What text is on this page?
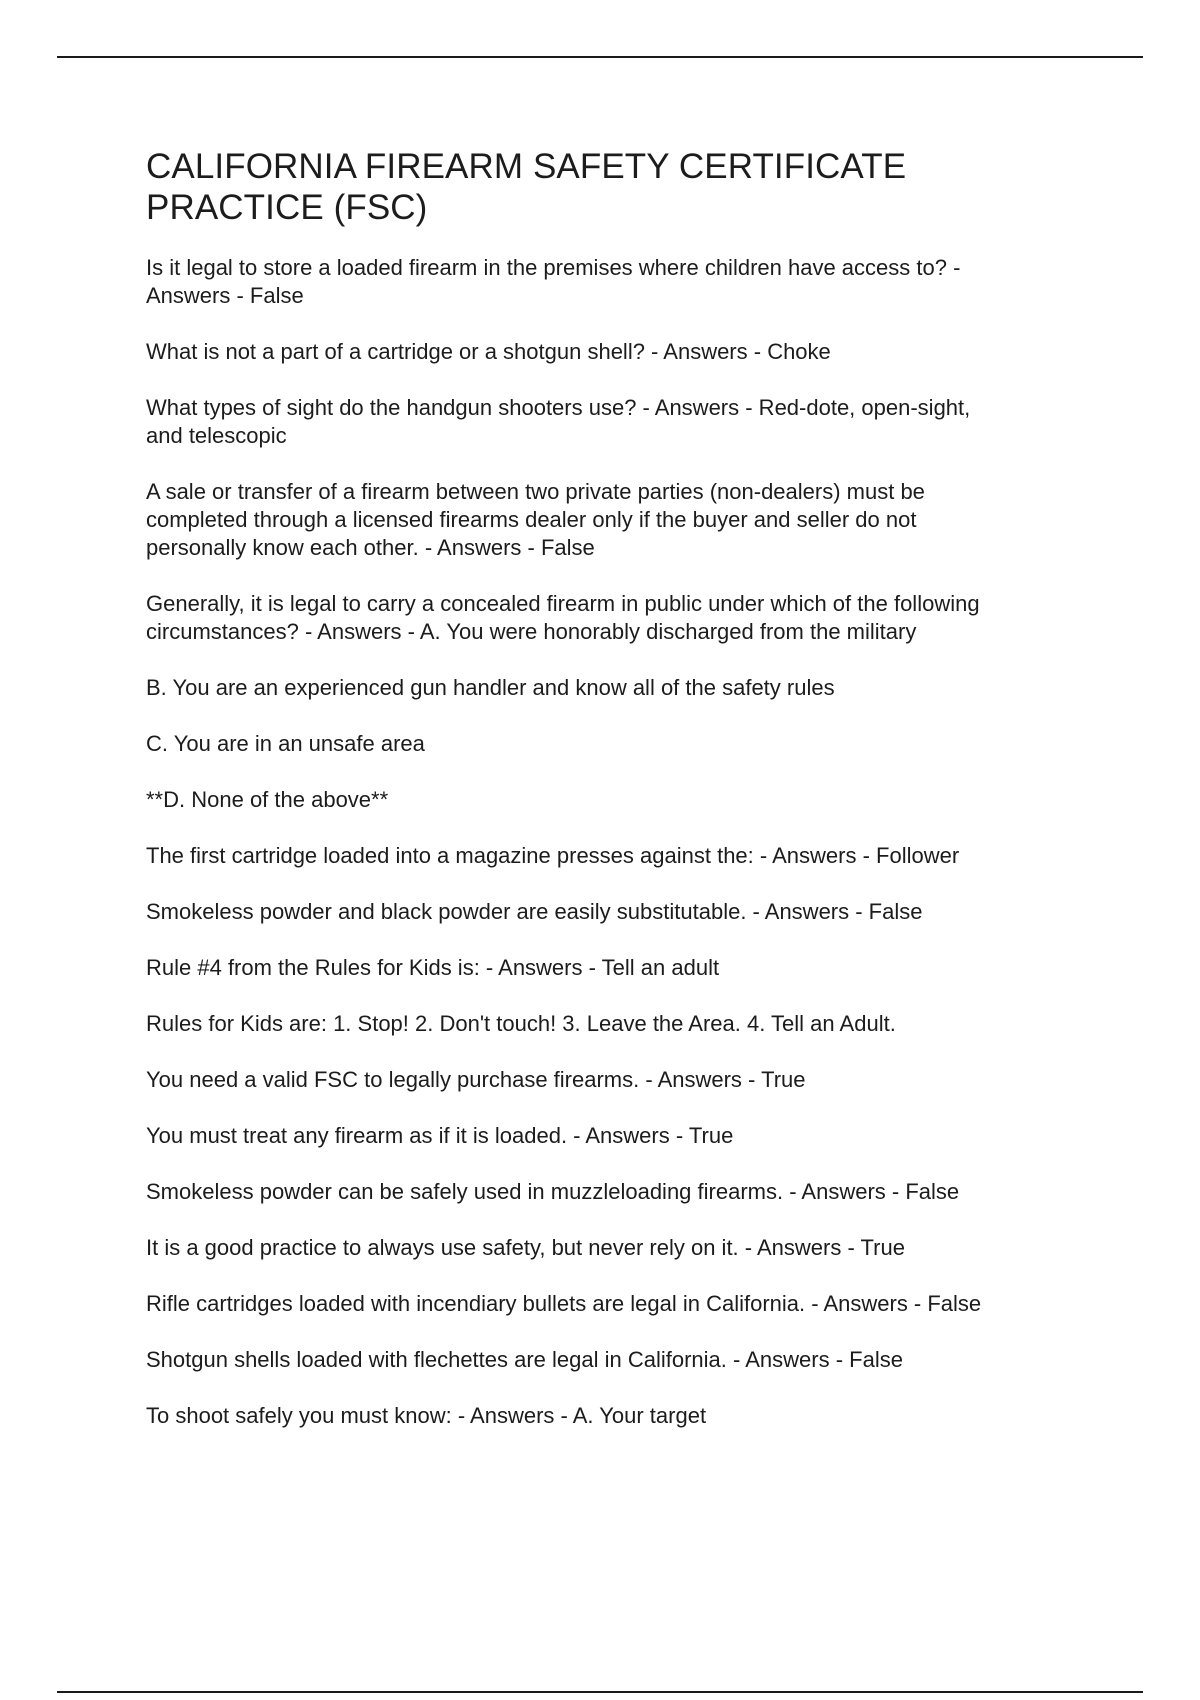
CALIFORNIA FIREARM SAFETY CERTIFICATE
PRACTICE (FSC)
Is it legal to store a loaded firearm in the premises where children have access to? -
Answers - False
What is not a part of a cartridge or a shotgun shell? - Answers - Choke
What types of sight do the handgun shooters use? - Answers - Red-dote, open-sight,
and telescopic
A sale or transfer of a firearm between two private parties (non-dealers) must be
completed through a licensed firearms dealer only if the buyer and seller do not
personally know each other. - Answers - False
Generally, it is legal to carry a concealed firearm in public under which of the following
circumstances? - Answers - A. You were honorably discharged from the military
B. You are an experienced gun handler and know all of the safety rules
C. You are in an unsafe area
**D. None of the above**
The first cartridge loaded into a magazine presses against the: - Answers - Follower
Smokeless powder and black powder are easily substitutable. - Answers - False
Rule #4 from the Rules for Kids is: - Answers - Tell an adult
Rules for Kids are: 1. Stop! 2. Don't touch! 3. Leave the Area. 4. Tell an Adult.
You need a valid FSC to legally purchase firearms. - Answers - True
You must treat any firearm as if it is loaded. - Answers - True
Smokeless powder can be safely used in muzzleloading firearms. - Answers - False
It is a good practice to always use safety, but never rely on it. - Answers - True
Rifle cartridges loaded with incendiary bullets are legal in California. - Answers - False
Shotgun shells loaded with flechettes are legal in California. - Answers - False
To shoot safely you must know: - Answers - A. Your target
